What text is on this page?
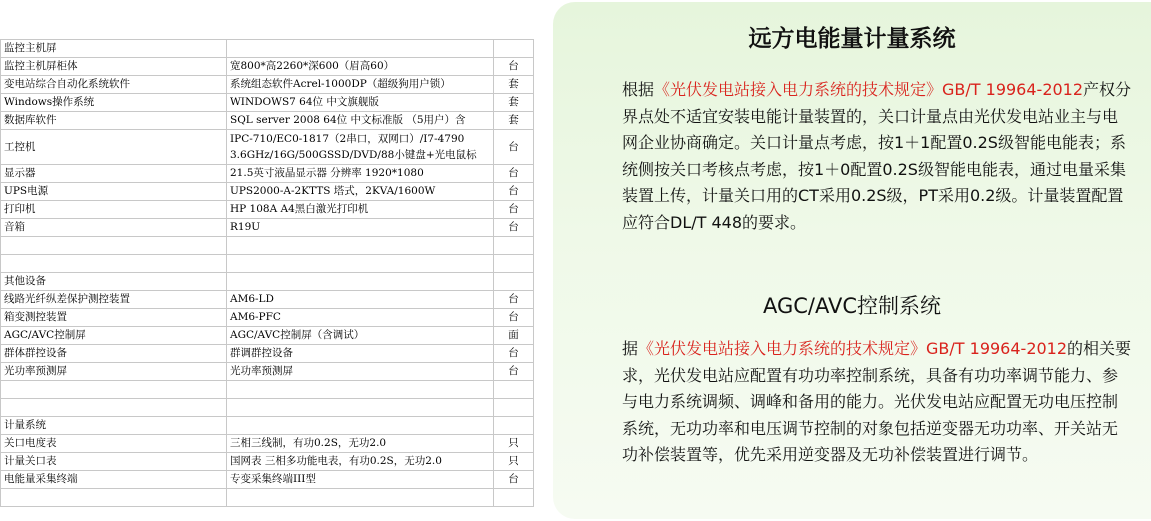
监控主机屏		
监控主机屏柜体	宽800*高2260*深600（眉高60）	台
变电站综合自动化系统软件	系统组态软件Acrel-1000DP（超级狗用户锁）	套
Windows操作系统	WINDOWS7 64位 中文旗舰版	套
数据库软件	SQL server 2008 64位 中文标准版 （5用户）含	套
工控机	IPC-710/EC0-1817（2串口，双网口）/I7-4790 3.6GHz/16G/500GSSD/DVD/88小键盘+光电鼠标	台
显示器	21.5英寸液晶显示器 分辨率 1920*1080	台
UPS电源	UPS2000-A-2KTTS 塔式，2KVA/1600W	台
打印机	HP 108A A4黑白激光打印机	台
音箱	R19U	台

其他设备		
线路光纤纵差保护测控装置	AM6-LD	台
箱变测控装置	AM6-PFC	台
AGC/AVC控制屏	AGC/AVC控制屏（含调试）	面
群体群控设备	群调群控设备	台
光功率预测屏	光功率预测屏	台

计量系统		
关口电度表	三相三线制，有功0.2S，无功2.0	只
计量关口表	国网表 三相多功能电表，有功0.2S，无功2.0	只
电能量采集终端	专变采集终端III型	台

远方电能量计量系统

根据《光伏发电站接入电力系统的技术规定》GB/T 19964-2012产权分界点处不适宜安装电能计量装置的，关口计量点由光伏发电站业主与电网企业协商确定。关口计量点考虑，按1＋1配置0.2S级智能电能表；系统侧按关口考核点考虑，按1＋0配置0.2S级智能电能表，通过电量采集装置上传，计量关口用的CT采用0.2S级，PT采用0.2级。计量装置配置应符合DL/T 448的要求。

AGC/AVC控制系统

据《光伏发电站接入电力系统的技术规定》GB/T 19964-2012的相关要求，光伏发电站应配置有功功率控制系统，具备有功功率调节能力、参与电力系统调频、调峰和备用的能力。光伏发电站应配置无功电压控制系统，无功功率和电压调节控制的对象包括逆变器无功功率、开关站无功补偿装置等，优先采用逆变器及无功补偿装置进行调节。
